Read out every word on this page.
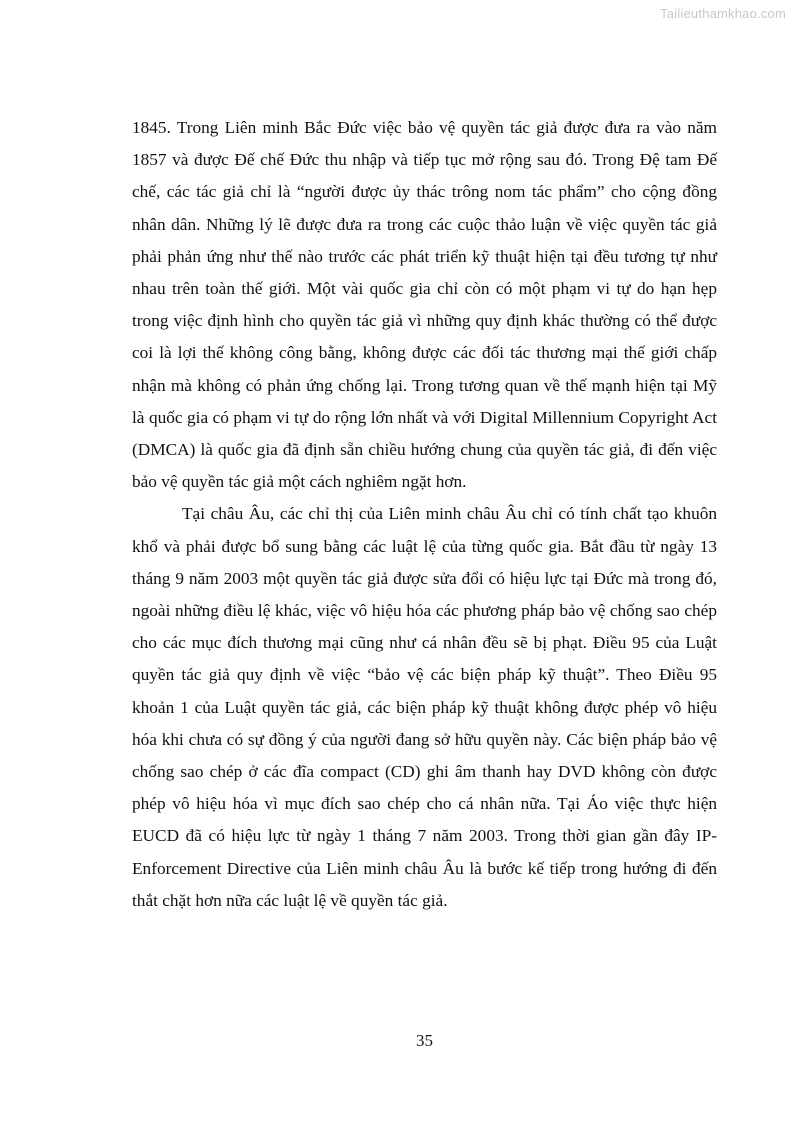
Tailieuthamkhao.com

1845. Trong Liên minh Bắc Đức việc bảo vệ quyền tác giả được đưa ra vào năm 1857 và được Đế chế Đức thu nhập và tiếp tục mở rộng sau đó. Trong Đệ tam Đế chế, các tác giả chỉ là “người được ủy thác trông nom tác phẩm” cho cộng đồng nhân dân. Những lý lẽ được đưa ra trong các cuộc thảo luận về việc quyền tác giả phải phản ứng như thế nào trước các phát triển kỹ thuật hiện tại đều tương tự như nhau trên toàn thế giới. Một vài quốc gia chỉ còn có một phạm vi tự do hạn hẹp trong việc định hình cho quyền tác giả vì những quy định khác thường có thể được coi là lợi thế không công bằng, không được các đối tác thương mại thế giới chấp nhận mà không có phản ứng chống lại. Trong tương quan về thế mạnh hiện tại Mỹ là quốc gia có phạm vi tự do rộng lớn nhất và với Digital Millennium Copyright Act (DMCA) là quốc gia đã định sẵn chiều hướng chung của quyền tác giả, đi đến việc bảo vệ quyền tác giả một cách nghiêm ngặt hơn.

Tại châu Âu, các chỉ thị của Liên minh châu Âu chỉ có tính chất tạo khuôn khổ và phải được bổ sung bằng các luật lệ của từng quốc gia. Bắt đầu từ ngày 13 tháng 9 năm 2003 một quyền tác giả được sửa đổi có hiệu lực tại Đức mà trong đó, ngoài những điều lệ khác, việc vô hiệu hóa các phương pháp bảo vệ chống sao chép cho các mục đích thương mại cũng như cá nhân đều sẽ bị phạt. Điều 95 của Luật quyền tác giả quy định về việc “bảo vệ các biện pháp kỹ thuật”. Theo Điều 95 khoản 1 của Luật quyền tác giả, các biện pháp kỹ thuật không được phép vô hiệu hóa khi chưa có sự đồng ý của người đang sở hữu quyền này. Các biện pháp bảo vệ chống sao chép ở các đĩa compact (CD) ghi âm thanh hay DVD không còn được phép vô hiệu hóa vì mục đích sao chép cho cá nhân nữa. Tại Áo việc thực hiện EUCD đã có hiệu lực từ ngày 1 tháng 7 năm 2003. Trong thời gian gần đây IP-Enforcement Directive của Liên minh châu Âu là bước kế tiếp trong hướng đi đến thắt chặt hơn nữa các luật lệ về quyền tác giả.

35
